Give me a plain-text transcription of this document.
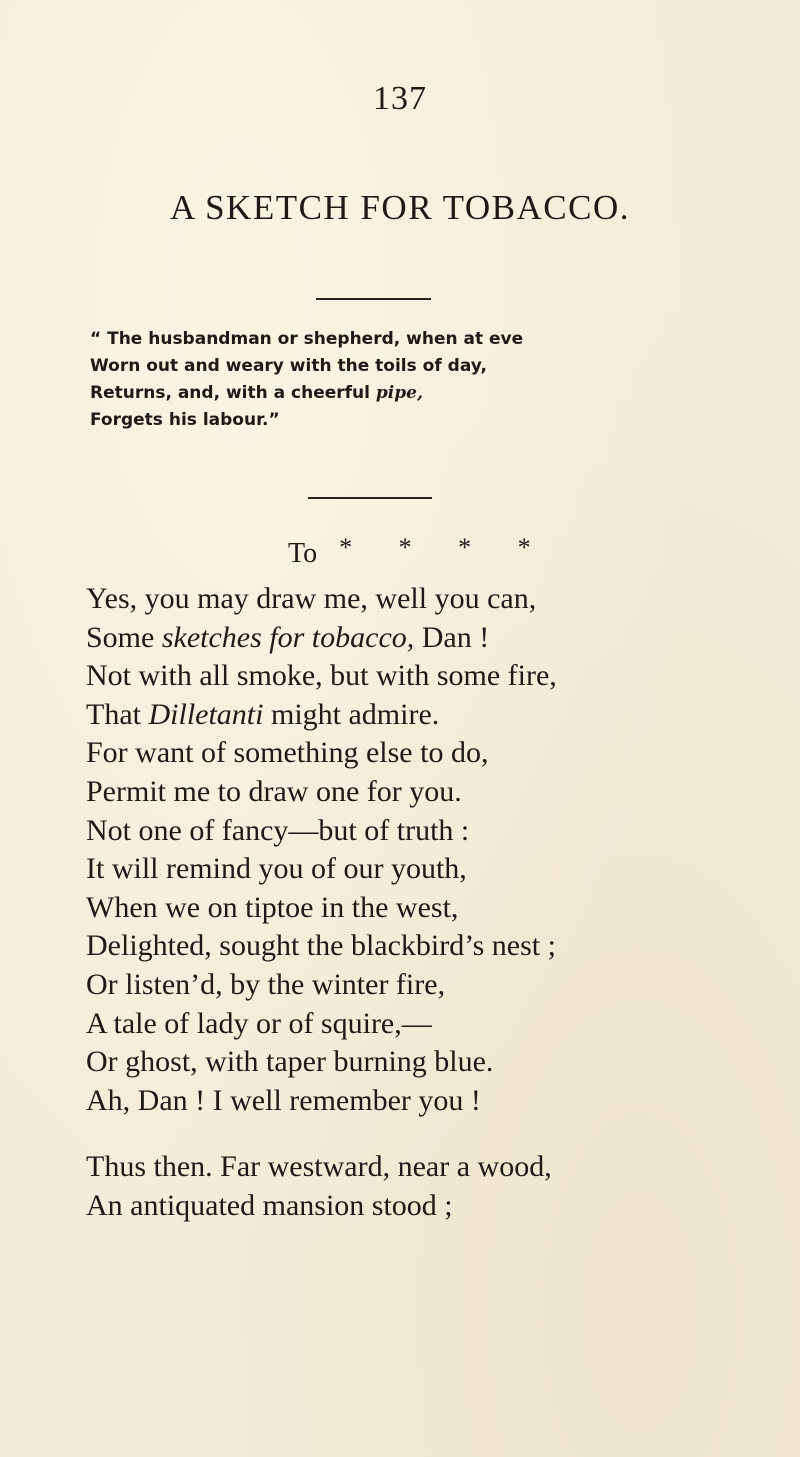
137
A SKETCH FOR TOBACCO.
“ The husbandman or shepherd, when at eve
Worn out and weary with the toils of day,
Returns, and, with a cheerful pipe,
Forgets his labour.”
To * * * *
Yes, you may draw me, well you can,
Some sketches for tobacco, Dan !
Not with all smoke, but with some fire,
That Dilletanti might admire.
For want of something else to do,
Permit me to draw one for you.
Not one of fancy—but of truth :
It will remind you of our youth,
When we on tiptoe in the west,
Delighted, sought the blackbird’s nest ;
Or listen’d, by the winter fire,
A tale of lady or of squire,—
Or ghost, with taper burning blue.
Ah, Dan ! I well remember you !
Thus then. Far westward, near a wood,
An antiquated mansion stood ;
